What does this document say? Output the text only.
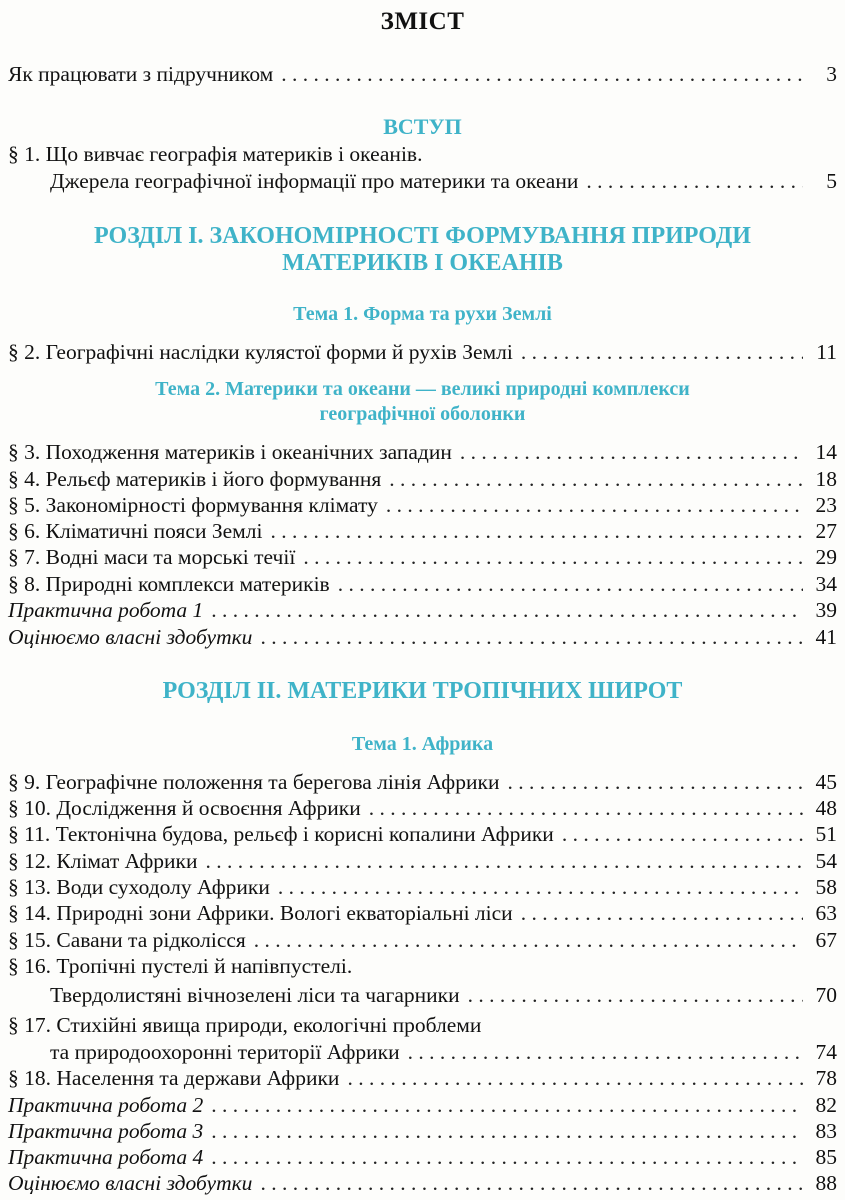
ЗМІСТ
Як працювати з підручником . . .	3
ВСТУП
§ 1. Що вивчає географія материків і океанів.
Джерела географічної інформації про материки та океани . . .	5
РОЗДІЛ І. ЗАКОНОМІРНОСТІ ФОРМУВАННЯ ПРИРОДИ
МАТЕРИКІВ І ОКЕАНІВ
Тема 1. Форма та рухи Землі
§ 2. Географічні наслідки кулястої форми й рухів Землі . . .	11
Тема 2. Материки та океани — великі природні комплекси
географічної оболонки
§ 3. Походження материків і океанічних западин . . .	14
§ 4. Рельєф материків і його формування . . .	18
§ 5. Закономірності формування клімату . . .	23
§ 6. Кліматичні пояси Землі . . .	27
§ 7. Водні маси та морські течії . . .	29
§ 8. Природні комплекси материків . . .	34
Практична робота 1 . . .	39
Оцінюємо власні здобутки . . .	41
РОЗДІЛ ІІ. МАТЕРИКИ ТРОПІЧНИХ ШИРОТ
Тема 1. Африка
§ 9. Географічне положення та берегова лінія Африки . . .	45
§ 10. Дослідження й освоєння Африки . . .	48
§ 11. Тектонічна будова, рельєф і корисні копалини Африки . . .	51
§ 12. Клімат Африки . . .	54
§ 13. Води суходолу Африки . . .	58
§ 14. Природні зони Африки. Вологі екваторіальні ліси . . .	63
§ 15. Савани та рідколісся . . .	67
§ 16. Тропічні пустелі й напівпустелі.
Твердолистяні вічнозелені ліси та чагарники . . .	70
§ 17. Стихійні явища природи, екологічні проблеми
та природоохоронні території Африки . . .	74
§ 18. Населення та держави Африки . . .	78
Практична робота 2 . . .	82
Практична робота 3 . . .	83
Практична робота 4 . . .	85
Оцінюємо власні здобутки . . .	88
